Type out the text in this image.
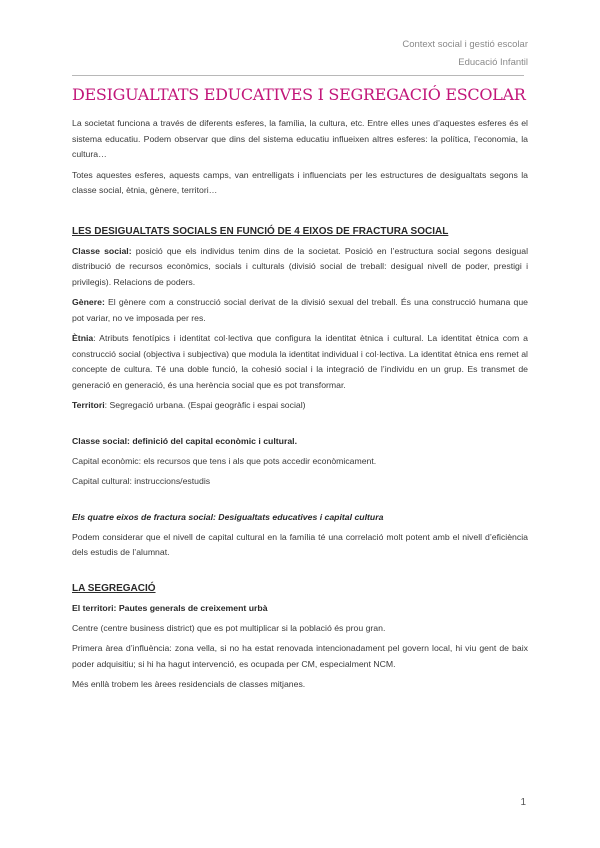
Context social i gestió escolar
Educació Infantil
DESIGUALTATS EDUCATIVES I SEGREGACIÓ ESCOLAR

La societat funciona a través de diferents esferes, la família, la cultura, etc. Entre elles unes d’aquestes esferes és el sistema educatiu. Podem observar que dins del sistema educatiu influeixen altres esferes: la política, l’economia, la cultura…

Totes aquestes esferes, aquests camps, van entrelligats i influenciats per les estructures de desigualtats segons la classe social, ètnia, gènere, territori…

LES DESIGUALTATS SOCIALS EN FUNCIÓ DE 4 EIXOS DE FRACTURA SOCIAL

Classe social: posició que els individus tenim dins de la societat. Posició en l’estructura social segons desigual distribució de recursos econòmics, socials i culturals (divisió social de treball: desigual nivell de poder, prestigi i privilegis). Relacions de poders.

Gènere: El gènere com a construcció social derivat de la divisió sexual del treball. És una construcció humana que pot variar, no ve imposada per res.

Ètnia: Atributs fenotípics i identitat col·lectiva que configura la identitat ètnica i cultural. La identitat ètnica com a construcció social (objectiva i subjectiva) que modula la identitat individual i col·lectiva. La identitat ètnica ens remet al concepte de cultura. Té una doble funció, la cohesió social i la integració de l’individu en un grup. Es transmet de generació en generació, és una herència social que es pot transformar.

Territori: Segregació urbana. (Espai geogràfic i espai social)

Classe social: definició del capital econòmic i cultural.

Capital econòmic: els recursos que tens i als que pots accedir econòmicament.

Capital cultural: instruccions/estudis

Els quatre eixos de fractura social: Desigualtats educatives i capital cultura

Podem considerar que el nivell de capital cultural en la família té una correlació molt potent amb el nivell d’eficiència dels estudis de l’alumnat.

LA SEGREGACIÓ
El territori: Pautes generals de creixement urbà

Centre (centre business district) que es pot multiplicar si la població és prou gran.

Primera àrea d’influència: zona vella, si no ha estat renovada intencionadament pel govern local, hi viu gent de baix poder adquisitiu; si hi ha hagut intervenció, es ocupada per CM, especialment NCM.

Més enllà trobem les àrees residencials de classes mitjanes.

1
